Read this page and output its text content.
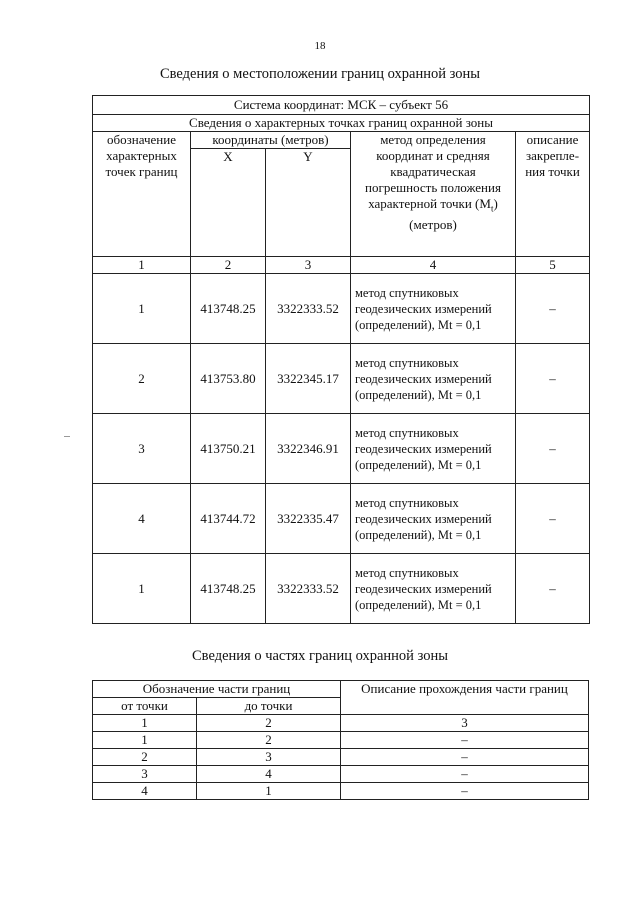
18
Сведения о местоположении границ охранной зоны
Система координат: МСК – субъект 56				
Сведения о характерных точках границ охранной зоны				
обозначение характерных точек границ	координаты (метров)		метод определения координат и средняя квадратическая погрешность положения характерной точки $(M_t)$ (метров)	описание закрепле-ния точки
	X	Y		
1	2	3	4	5
1	413748.25	3322333.52	метод спутниковых геодезических измерений (определений), Mt = 0,1	–
2	413753.80	3322345.17	метод спутниковых геодезических измерений (определений), Mt = 0,1	–
3	413750.21	3322346.91	метод спутниковых геодезических измерений (определений), Mt = 0,1	–
4	413744.72	3322335.47	метод спутниковых геодезических измерений (определений), Mt = 0,1	–
1	413748.25	3322333.52	метод спутниковых геодезических измерений (определений), Mt = 0,1	–
Сведения о частях границ охранной зоны
Обозначение части границ		Описание прохождения части границ
от точки	до точки	
1	2	3
1	2	–
2	3	–
3	4	–
4	1	–
